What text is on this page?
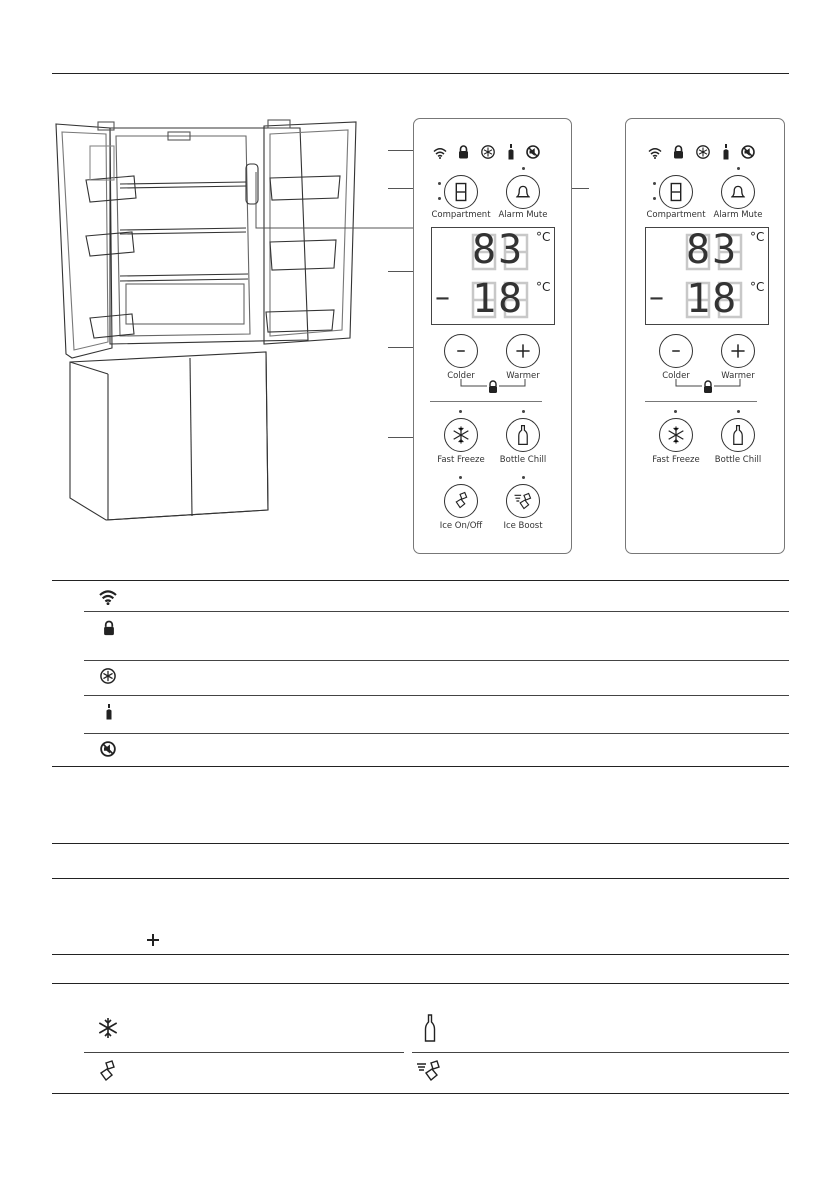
Compartment Alarm Mute
83
– 18
°C
°C
Colder	Warmer
Fast Freeze	Bottle Chill
Ice On/Off	Ice Boost
Compartment Alarm Mute
83
– 18
°C
°C
Colder	Warmer
Fast Freeze	Bottle Chill
